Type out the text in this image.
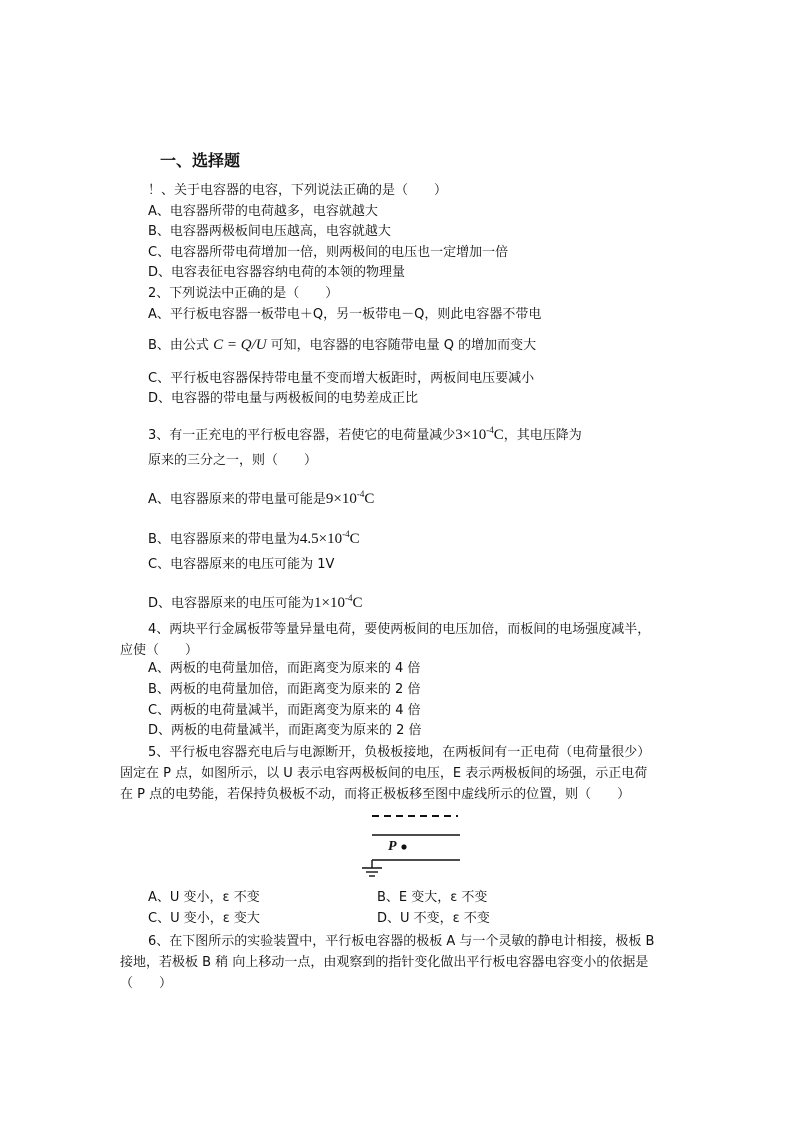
一、选择题
！、关于电容器的电容，下列说法正确的是（　　）
A、电容器所带的电荷越多，电容就越大
B、电容器两极板间电压越高，电容就越大
C、电容器所带电荷增加一倍，则两极间的电压也一定增加一倍
D、电容表征电容器容纳电荷的本领的物理量
2、下列说法中正确的是（　　）
A、平行板电容器一板带电＋Q，另一板带电－Q，则此电容器不带电
B、由公式 C = Q/U 可知，电容器的电容随带电量 Q 的增加而变大
C、平行板电容器保持带电量不变而增大板距时，两板间电压要减小
D、电容器的带电量与两极板间的电势差成正比
3、有一正充电的平行板电容器，若使它的电荷量减少$3\times 10^{-4}C$，其电压降为
原来的三分之一，则（　　）
A、电容器原来的带电量可能是$9\times 10^{-4}C$
B、电容器原来的带电量为$4.5\times 10^{-4}C$
C、电容器原来的电压可能为 1V
D、电容器原来的电压可能为$1\times 10^{-4}C$
4、两块平行金属板带等量异量电荷，要使两板间的电压加倍，而板间的电场强度减半，应使（　　）
A、两板的电荷量加倍，而距离变为原来的 4 倍
B、两板的电荷量加倍，而距离变为原来的 2 倍
C、两板的电荷量减半，而距离变为原来的 4 倍
D、两板的电荷量减半，而距离变为原来的 2 倍
5、平行板电容器充电后与电源断开，负极板接地，在两板间有一正电荷（电荷量很少）固定在 P 点，如图所示，以 U 表示电容两极板间的电压，E 表示两极板间的场强，示正电荷在 P 点的电势能，若保持负极板不动，而将正极板移至图中虚线所示的位置，则（　　）
P
A、U 变小，ε 不变	B、E 变大，ε 不变
C、U 变小，ε 变大	D、U 不变，ε 不变
6、在下图所示的实验装置中，平行板电容器的极板 A 与一个灵敏的静电计相接，极板 B 接地，若极板 B 稍 向上移动一点，由观察到的指针变化做出平行板电容器电容变小的依据是（　　）
